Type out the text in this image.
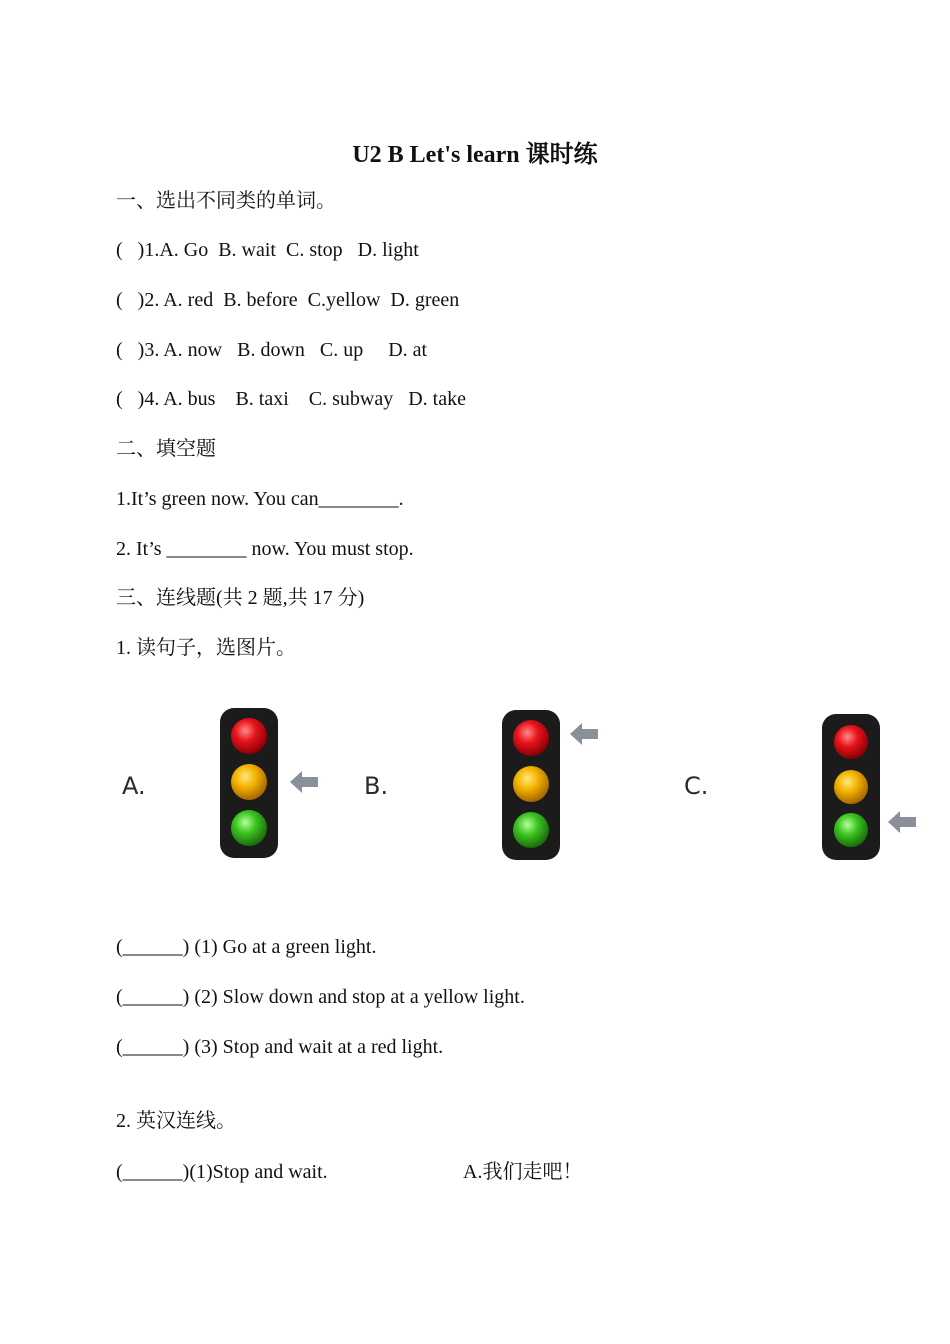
U2 B Let's learn 课时练
一、选出不同类的单词。
(   )1.A. Go  B. wait  C. stop   D. light
(   )2. A. red  B. before  C.yellow  D. green
(   )3. A. now   B. down   C. up     D. at
(   )4. A. bus    B. taxi    C. subway   D. take
二、填空题
1.It’s green now. You can________.
2. It’s ________ now. You must stop.
三、连线题(共 2 题,共 17 分)
1. 读句子，选图片。
A.	B.	C.
(______) (1) Go at a green light.
(______) (2) Slow down and stop at a yellow light.
(______) (3) Stop and wait at a red light.
2. 英汉连线。
(______)(1)Stop and wait.	A.我们走吧！
